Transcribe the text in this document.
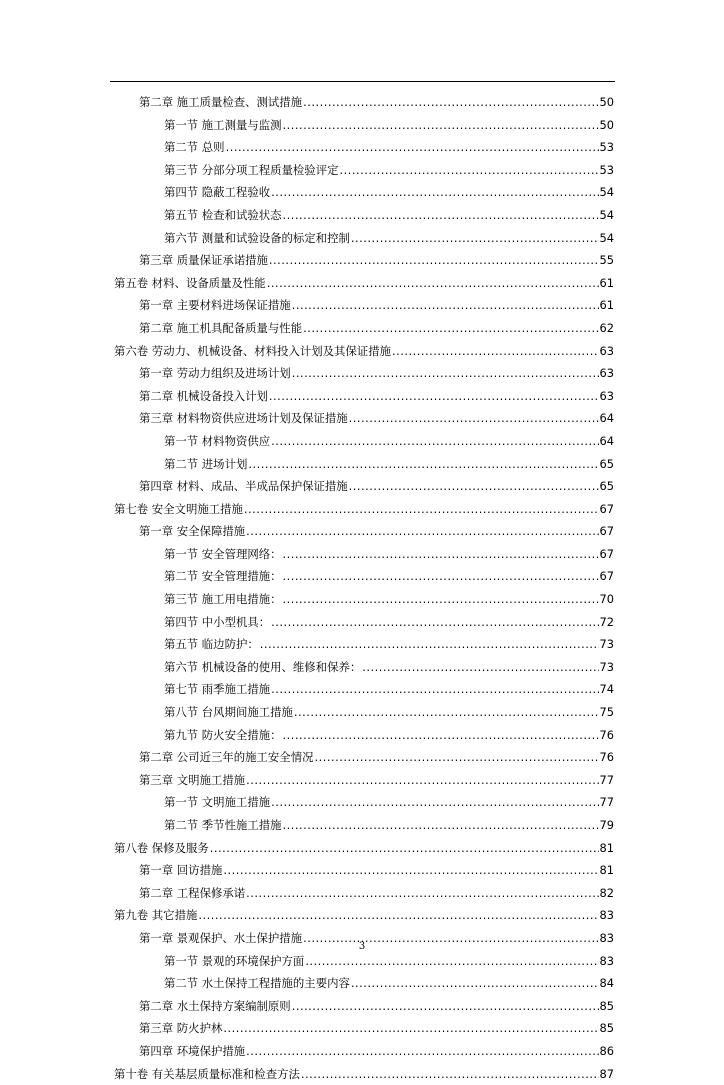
第二章 施工质量检查、测试措施 .....	50
第一节 施工测量与监测 .....	50
第二节 总则 .....	53
第三节 分部分项工程质量检验评定 .....	53
第四节 隐蔽工程验收 .....	54
第五节 检查和试验状态 .....	54
第六节 测量和试验设备的标定和控制 .....	54
第三章 质量保证承诺措施 .....	55
第五卷 材料、设备质量及性能 .....	61
第一章 主要材料进场保证措施 .....	61
第二章 施工机具配备质量与性能 .....	62
第六卷 劳动力、机械设备、材料投入计划及其保证措施 .....	63
第一章 劳动力组织及进场计划 .....	63
第二章 机械设备投入计划 .....	63
第三章 材料物资供应进场计划及保证措施 .....	64
第一节 材料物资供应 .....	64
第二节 进场计划 .....	65
第四章 材料、成品、半成品保护保证措施 .....	65
第七卷 安全文明施工措施 .....	67
第一章 安全保障措施 .....	67
第一节 安全管理网络： .....	67
第二节 安全管理措施： .....	67
第三节 施工用电措施： .....	70
第四节 中小型机具： .....	72
第五节 临边防护： .....	73
第六节 机械设备的使用、维修和保养： .....	73
第七节 雨季施工措施 .....	74
第八节 台风期间施工措施 .....	75
第九节 防火安全措施： .....	76
第二章 公司近三年的施工安全情况 .....	76
第三章 文明施工措施 .....	77
第一节 文明施工措施 .....	77
第二节 季节性施工措施 .....	79
第八卷 保修及服务 .....	81
第一章 回访措施 .....	81
第二章 工程保修承诺 .....	82
第九卷 其它措施 .....	83
第一章 景观保护、水土保护措施 .....	83
第一节 景观的环境保护方面 .....	83
第二节 水土保持工程措施的主要内容 .....	84
第二章 水土保持方案编制原则 .....	85
第三章 防火护林 .....	85
第四章 环境保护措施 .....	86
第十卷 有关基层质量标准和检查方法 .....	87
3
